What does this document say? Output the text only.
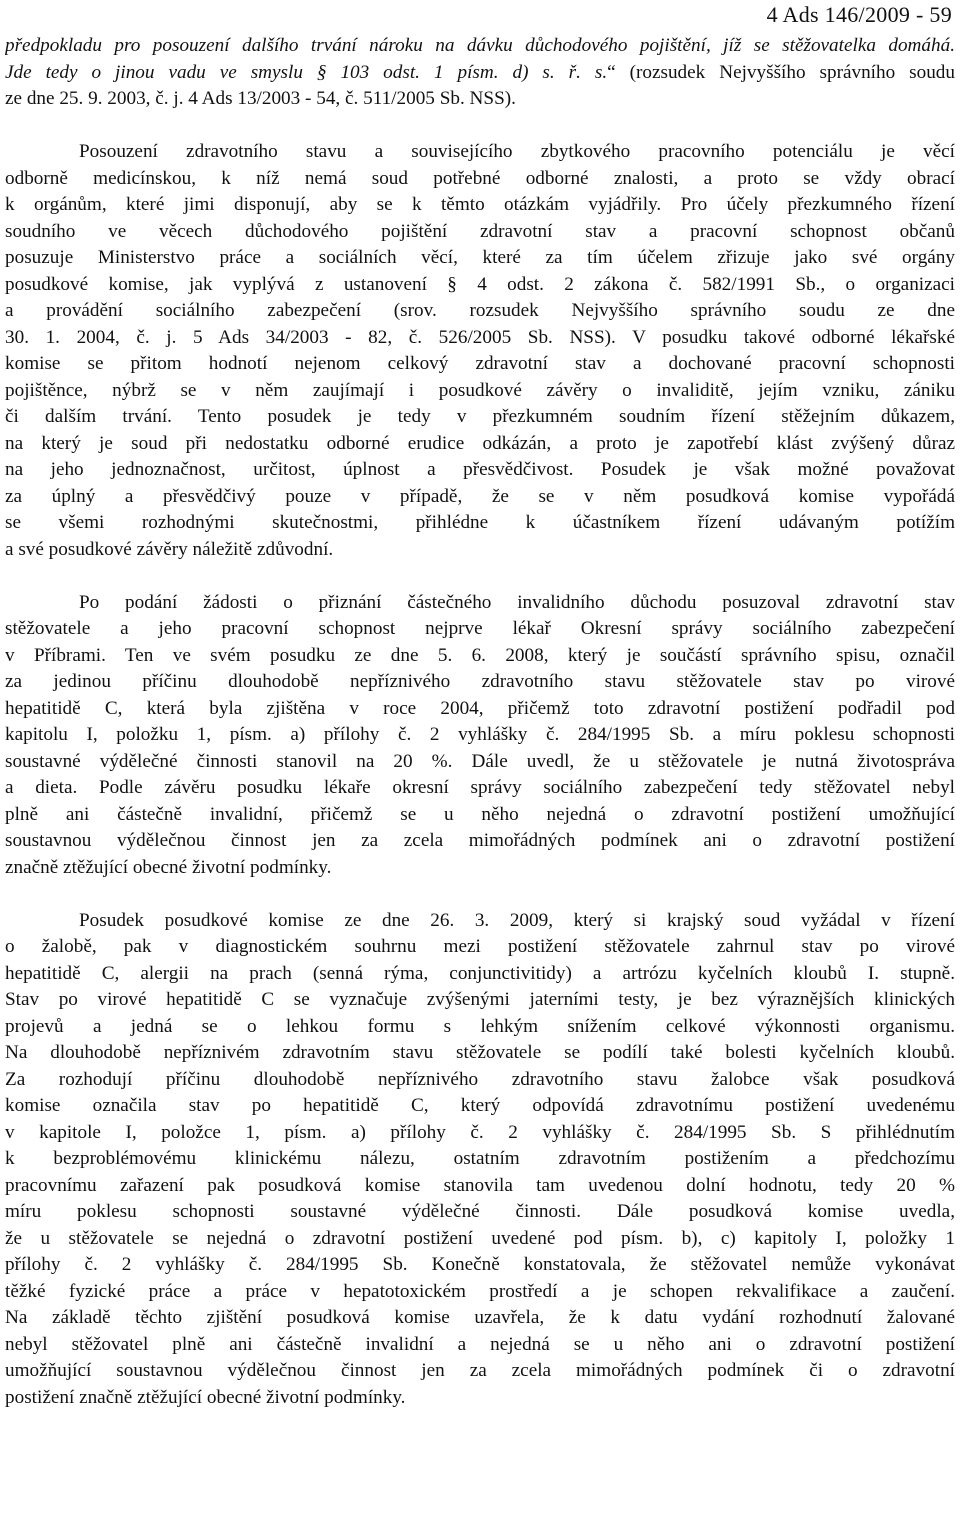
4 Ads 146/2009 - 59
předpokladu pro posouzení dalšího trvání nároku na dávku důchodového pojištění, jíž se stěžovatelka domáhá.
Jde tedy o jinou vadu ve smyslu § 103 odst. 1 písm. d) s. ř. s.“ (rozsudek Nejvyššího správního soudu
ze dne 25. 9. 2003, č. j. 4 Ads 13/2003 - 54, č. 511/2005 Sb. NSS).
Posouzení zdravotního stavu a souvisejícího zbytkového pracovního potenciálu je věcí
odborně medicínskou, k níž nemá soud potřebné odborné znalosti, a proto se vždy obrací
k orgánům, které jimi disponují, aby se k těmto otázkám vyjádřily. Pro účely přezkumného řízení
soudního ve věcech důchodového pojištění zdravotní stav a pracovní schopnost občanů
posuzuje Ministerstvo práce a sociálních věcí, které za tím účelem zřizuje jako své orgány
posudkové komise, jak vyplývá z ustanovení § 4 odst. 2 zákona č. 582/1991 Sb., o organizaci
a provádění sociálního zabezpečení (srov. rozsudek Nejvyššího správního soudu ze dne
30. 1. 2004, č. j. 5 Ads 34/2003 - 82, č. 526/2005 Sb. NSS). V posudku takové odborné lékařské
komise se přitom hodnotí nejenom celkový zdravotní stav a dochované pracovní schopnosti
pojištěnce, nýbrž se v něm zaujímají i posudkové závěry o invaliditě, jejím vzniku, zániku
či dalším trvání. Tento posudek je tedy v přezkumném soudním řízení stěžejním důkazem,
na který je soud při nedostatku odborné erudice odkázán, a proto je zapotřebí klást zvýšený důraz
na jeho jednoznačnost, určitost, úplnost a přesvědčivost. Posudek je však možné považovat
za úplný a přesvědčivý pouze v případě, že se v něm posudková komise vypořádá
se všemi rozhodnými skutečnostmi, přihlédne k účastníkem řízení udávaným potížím
a své posudkové závěry náležitě zdůvodní.
Po podání žádosti o přiznání částečného invalidního důchodu posuzoval zdravotní stav
stěžovatele a jeho pracovní schopnost nejprve lékař Okresní správy sociálního zabezpečení
v Příbrami. Ten ve svém posudku ze dne 5. 6. 2008, který je součástí správního spisu, označil
za jedinou příčinu dlouhodobě nepříznivého zdravotního stavu stěžovatele stav po virové
hepatitidě C, která byla zjištěna v roce 2004, přičemž toto zdravotní postižení podřadil pod
kapitolu I, položku 1, písm. a) přílohy č. 2 vyhlášky č. 284/1995 Sb. a míru poklesu schopnosti
soustavné výdělečné činnosti stanovil na 20 %. Dále uvedl, že u stěžovatele je nutná životospráva
a dieta. Podle závěru posudku lékaře okresní správy sociálního zabezpečení tedy stěžovatel nebyl
plně ani částečně invalidní, přičemž se u něho nejedná o zdravotní postižení umožňující
soustavnou výdělečnou činnost jen za zcela mimořádných podmínek ani o zdravotní postižení
značně ztěžující obecné životní podmínky.
Posudek posudkové komise ze dne 26. 3. 2009, který si krajský soud vyžádal v řízení
o žalobě, pak v diagnostickém souhrnu mezi postižení stěžovatele zahrnul stav po virové
hepatitidě C, alergii na prach (senná rýma, conjunctivitidy) a artrózu kyčelních kloubů I. stupně.
Stav po virové hepatitidě C se vyznačuje zvýšenými jaterními testy, je bez výraznějších klinických
projevů a jedná se o lehkou formu s lehkým snížením celkové výkonnosti organismu.
Na dlouhodobě nepříznivém zdravotním stavu stěžovatele se podílí také bolesti kyčelních kloubů.
Za rozhodují příčinu dlouhodobě nepříznivého zdravotního stavu žalobce však posudková
komise označila stav po hepatitidě C, který odpovídá zdravotnímu postižení uvedenému
v kapitole I, položce 1, písm. a) přílohy č. 2 vyhlášky č. 284/1995 Sb. S přihlédnutím
k bezproblémovému klinickému nálezu, ostatním zdravotním postižením a předchozímu
pracovnímu zařazení pak posudková komise stanovila tam uvedenou dolní hodnotu, tedy 20 %
míru poklesu schopnosti soustavné výdělečné činnosti. Dále posudková komise uvedla,
že u stěžovatele se nejedná o zdravotní postižení uvedené pod písm. b), c) kapitoly I, položky 1
přílohy č. 2 vyhlášky č. 284/1995 Sb. Konečně konstatovala, že stěžovatel nemůže vykonávat
těžké fyzické práce a práce v hepatotoxickém prostředí a je schopen rekvalifikace a zaučení.
Na základě těchto zjištění posudková komise uzavřela, že k datu vydání rozhodnutí žalované
nebyl stěžovatel plně ani částečně invalidní a nejedná se u něho ani o zdravotní postižení
umožňující soustavnou výdělečnou činnost jen za zcela mimořádných podmínek či o zdravotní
postižení značně ztěžující obecné životní podmínky.
